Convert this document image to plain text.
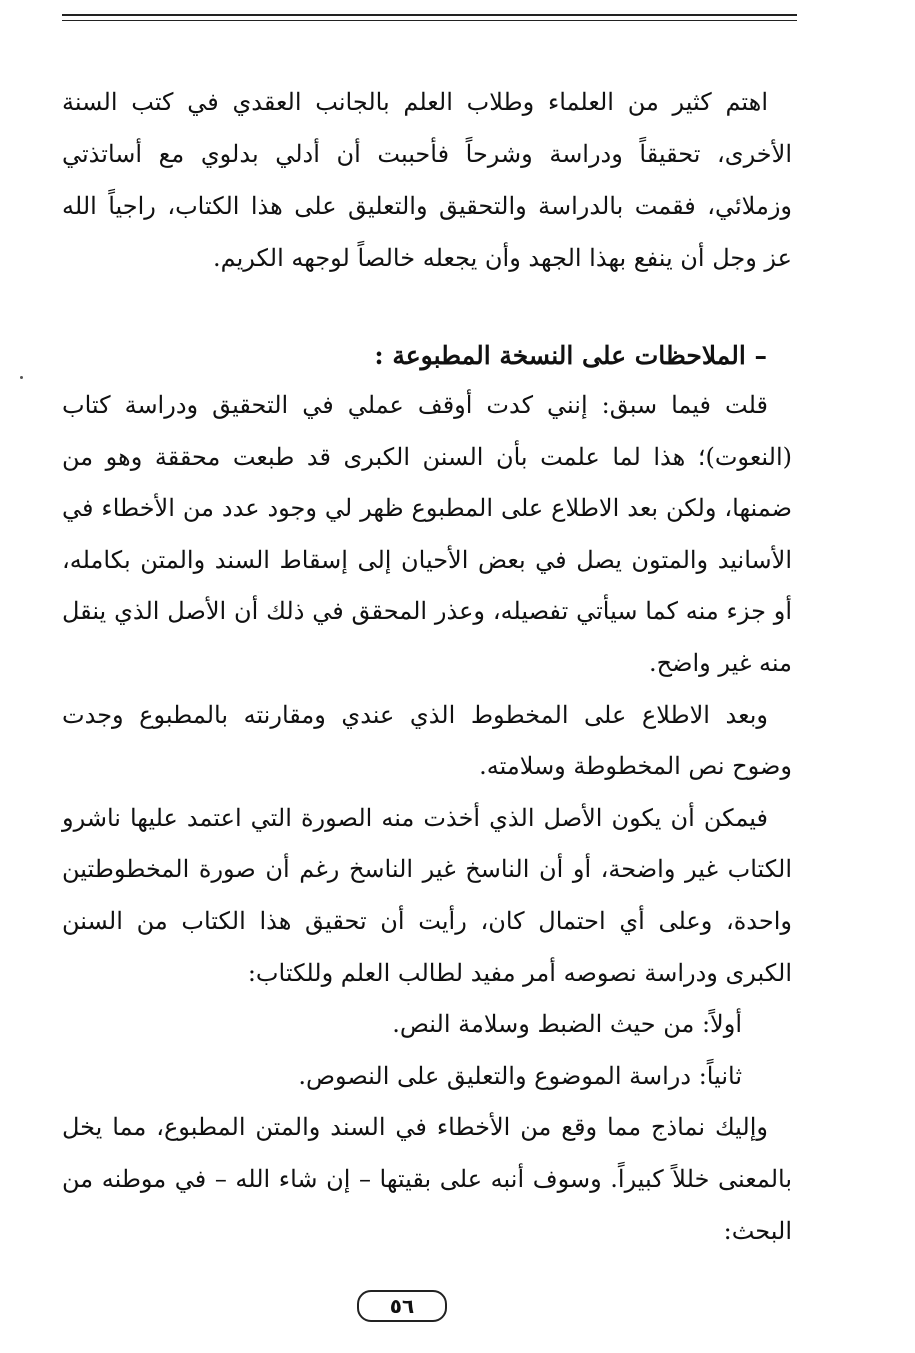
اهتم كثير من العلماء وطلاب العلم بالجانب العقدي في كتب السنة الأخرى، تحقيقاً ودراسة وشرحاً فأحببت أن أدلي بدلوي مع أساتذتي وزملائي، فقمت بالدراسة والتحقيق والتعليق على هذا الكتاب، راجياً الله عز وجل أن ينفع بهذا الجهد وأن يجعله خالصاً لوجهه الكريم.

– الملاحظات على النسخة المطبوعة :

قلت فيما سبق: إنني كدت أوقف عملي في التحقيق ودراسة كتاب (النعوت)؛ هذا لما علمت بأن السنن الكبرى قد طبعت محققة وهو من ضمنها، ولكن بعد الاطلاع على المطبوع ظهر لي وجود عدد من الأخطاء في الأسانيد والمتون يصل في بعض الأحيان إلى إسقاط السند والمتن بكامله، أو جزء منه كما سيأتي تفصيله، وعذر المحقق في ذلك أن الأصل الذي ينقل منه غير واضح.

وبعد الاطلاع على المخطوط الذي عندي ومقارنته بالمطبوع وجدت وضوح نص المخطوطة وسلامته.

فيمكن أن يكون الأصل الذي أخذت منه الصورة التي اعتمد عليها ناشرو الكتاب غير واضحة، أو أن الناسخ غير الناسخ رغم أن صورة المخطوطتين واحدة، وعلى أي احتمال كان، رأيت أن تحقيق هذا الكتاب من السنن الكبرى ودراسة نصوصه أمر مفيد لطالب العلم وللكتاب:

أولاً: من حيث الضبط وسلامة النص.

ثانياً: دراسة الموضوع والتعليق على النصوص.

وإليك نماذج مما وقع من الأخطاء في السند والمتن المطبوع، مما يخل بالمعنى خللاً كبيراً. وسوف أنبه على بقيتها – إن شاء الله – في موطنه من البحث:

٥٦
